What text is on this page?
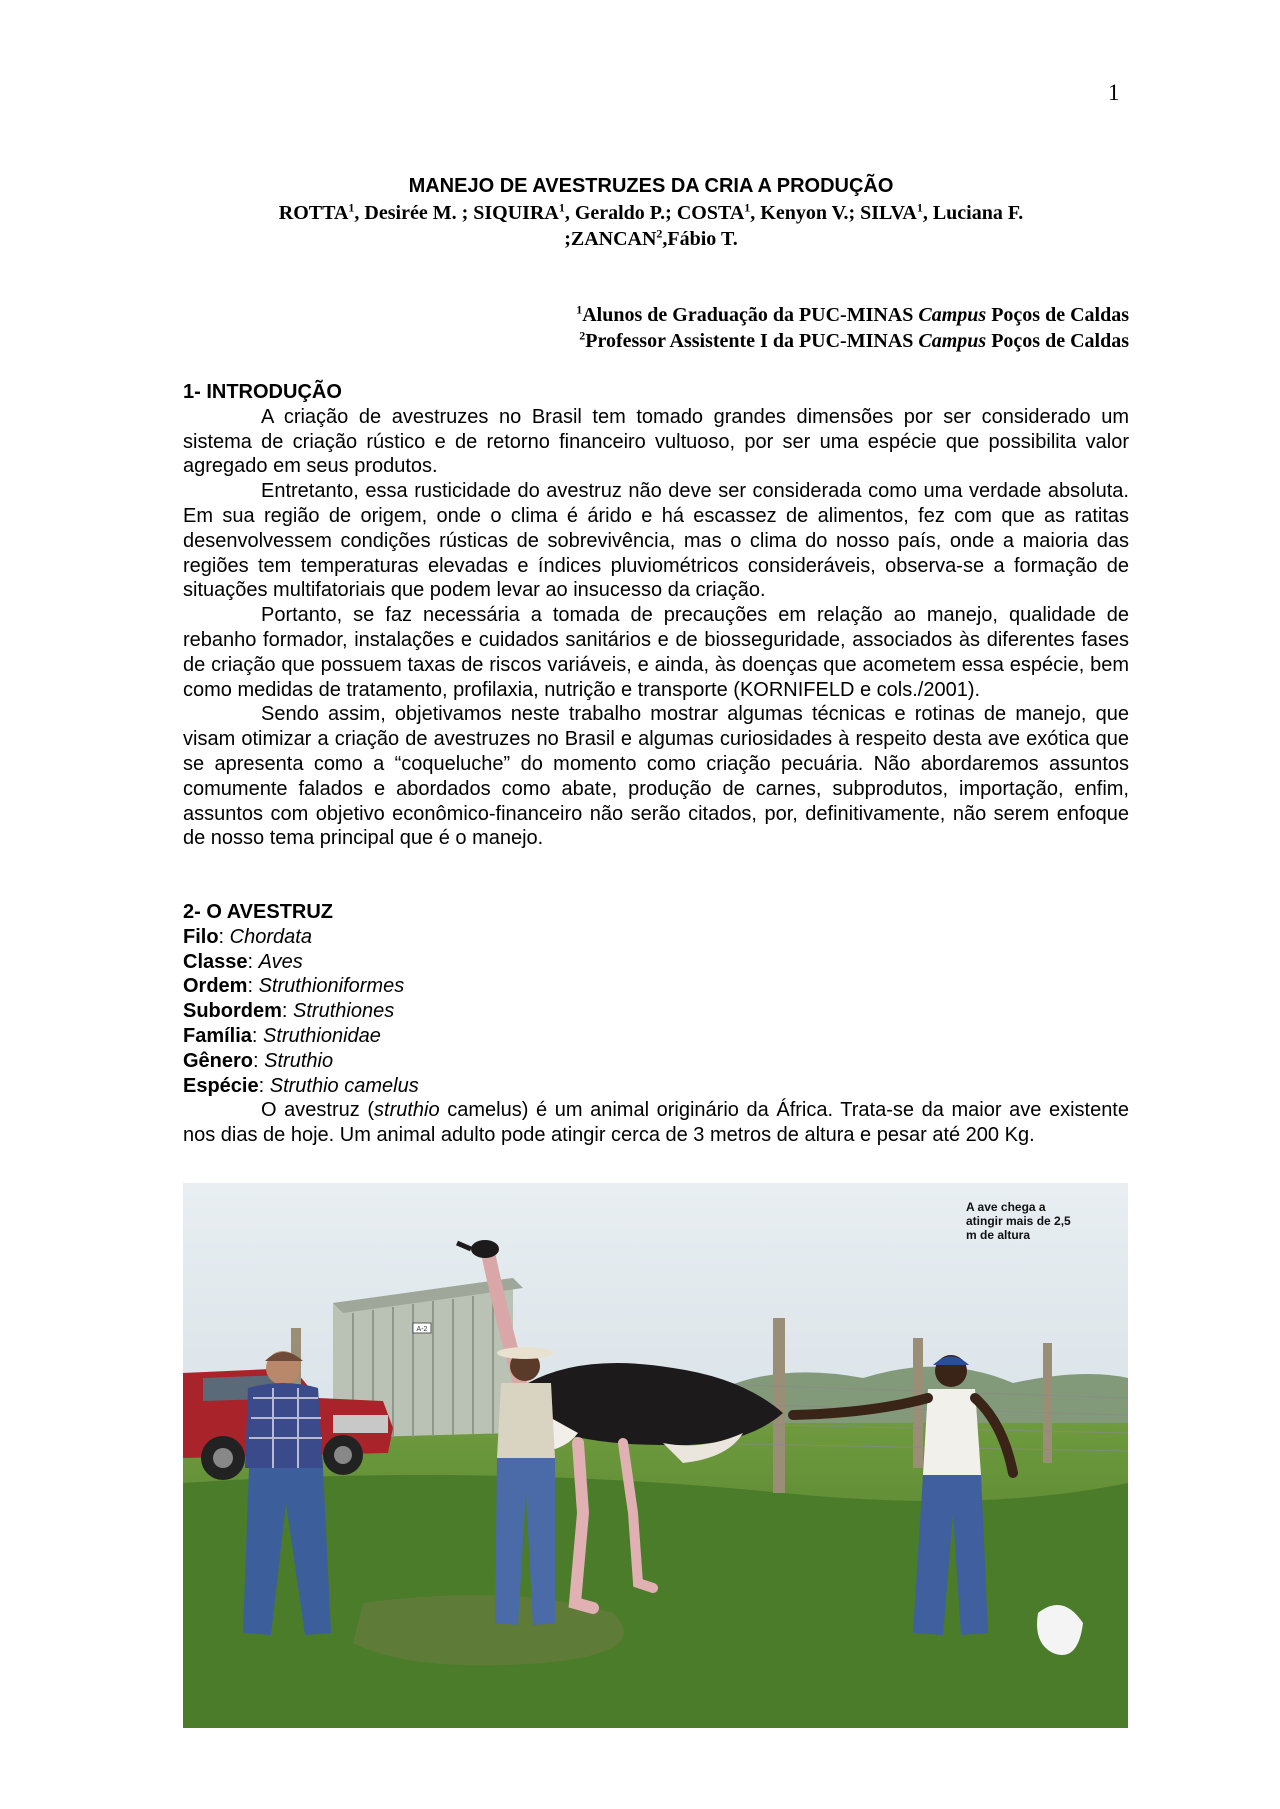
1
MANEJO DE AVESTRUZES DA CRIA A PRODUÇÃO
ROTTA$^1$, Desirée M. ; SIQUIRA$^1$, Geraldo P.; COSTA$^1$, Kenyon V.; SILVA$^1$, Luciana F.
;ZANCAN$^2$,Fábio T.
$^1$Alunos de Graduação da PUC-MINAS Campus Poços de Caldas
$^2$Professor Assistente I da PUC-MINAS Campus Poços de Caldas
1- INTRODUÇÃO
A criação de avestruzes no Brasil tem tomado grandes dimensões por ser considerado um sistema de criação rústico e de retorno financeiro vultuoso, por ser uma espécie que possibilita valor agregado em seus produtos.
Entretanto, essa rusticidade do avestruz não deve ser considerada como uma verdade absoluta. Em sua região de origem, onde o clima é árido e há escassez de alimentos, fez com que as ratitas desenvolvessem condições rústicas de sobrevivência, mas o clima do nosso país, onde a maioria das regiões tem temperaturas elevadas e índices pluviométricos consideráveis, observa-se a formação de situações multifatoriais que podem levar ao insucesso da criação.
Portanto, se faz necessária a tomada de precauções em relação ao manejo, qualidade de rebanho formador, instalações e cuidados sanitários e de biosseguridade, associados às diferentes fases de criação que possuem taxas de riscos variáveis, e ainda, às doenças que acometem essa espécie, bem como medidas de tratamento, profilaxia, nutrição e transporte (KORNIFELD e cols./2001).
Sendo assim, objetivamos neste trabalho mostrar algumas técnicas e rotinas de manejo, que visam otimizar a criação de avestruzes no Brasil e algumas curiosidades à respeito desta ave exótica que se apresenta como a “coqueluche” do momento como criação pecuária. Não abordaremos assuntos comumente falados e abordados como abate, produção de carnes, subprodutos, importação, enfim, assuntos com objetivo econômico-financeiro não serão citados, por, definitivamente, não serem enfoque de nosso tema principal que é o manejo.
2- O AVESTRUZ
Filo: Chordata
Classe: Aves
Ordem: Struthioniformes
Subordem: Struthiones
Família: Struthionidae
Gênero: Struthio
Espécie: Struthio camelus
O avestruz (struthio camelus) é um animal originário da África. Trata-se da maior ave existente nos dias de hoje. Um animal adulto pode atingir cerca de 3 metros de altura e pesar até 200 Kg.
A-2
A ave chega a atingir mais de 2,5 m de altura
